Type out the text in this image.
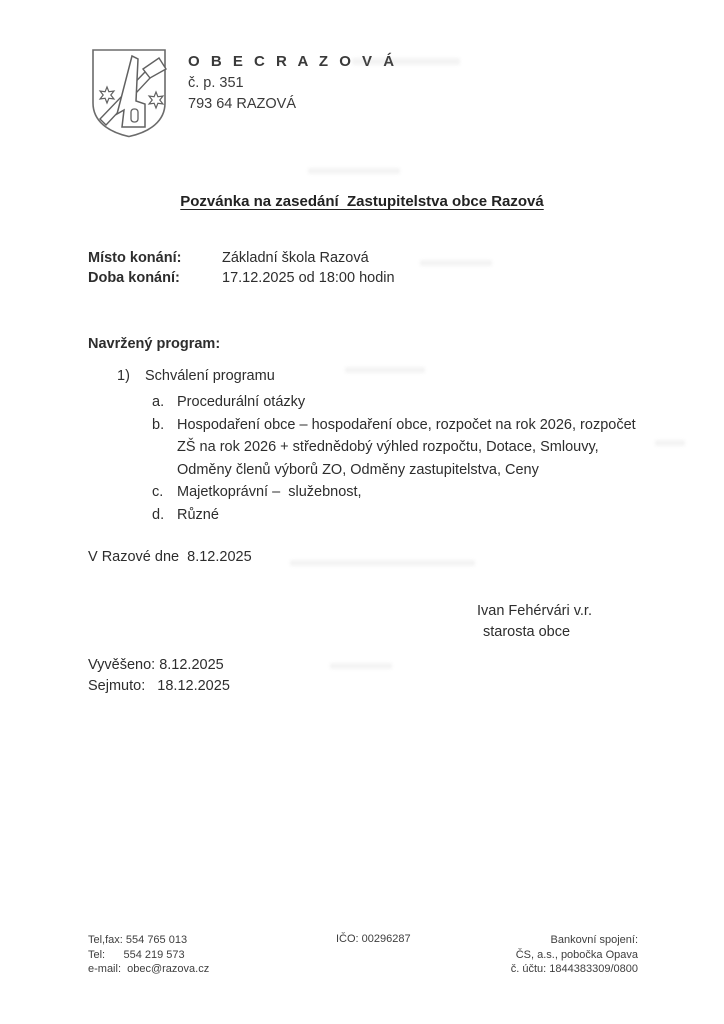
O B E C R A Z O V Á
č. p. 351
793 64 RAZOVÁ
Pozvánka na zasedání  Zastupitelstva obce Razová
Místo konání:	Základní škola Razová
Doba konání:	17.12.2025 od 18:00 hodin
Navržený program:
1)	Schválení programu
a. Procedurální otázky
b. Hospodaření obce – hospodaření obce, rozpočet na rok 2026, rozpočet ZŠ na rok 2026 + střednědobý výhled rozpočtu, Dotace, Smlouvy, Odměny členů výborů ZO, Odměny zastupitelstva, Ceny
c. Majetkoprávní –  služebnost,
d. Různé
V Razové dne  8.12.2025
Ivan Fehérvári v.r.
starosta obce
Vyvěšeno: 8.12.2025
Sejmuto:   18.12.2025
Tel,fax: 554 765 013
Tel:      554 219 573
e-mail:  obec@razova.cz
IČO: 00296287	Bankovní spojení:
ČS, a.s., pobočka Opava
č. účtu: 1844383309/0800
